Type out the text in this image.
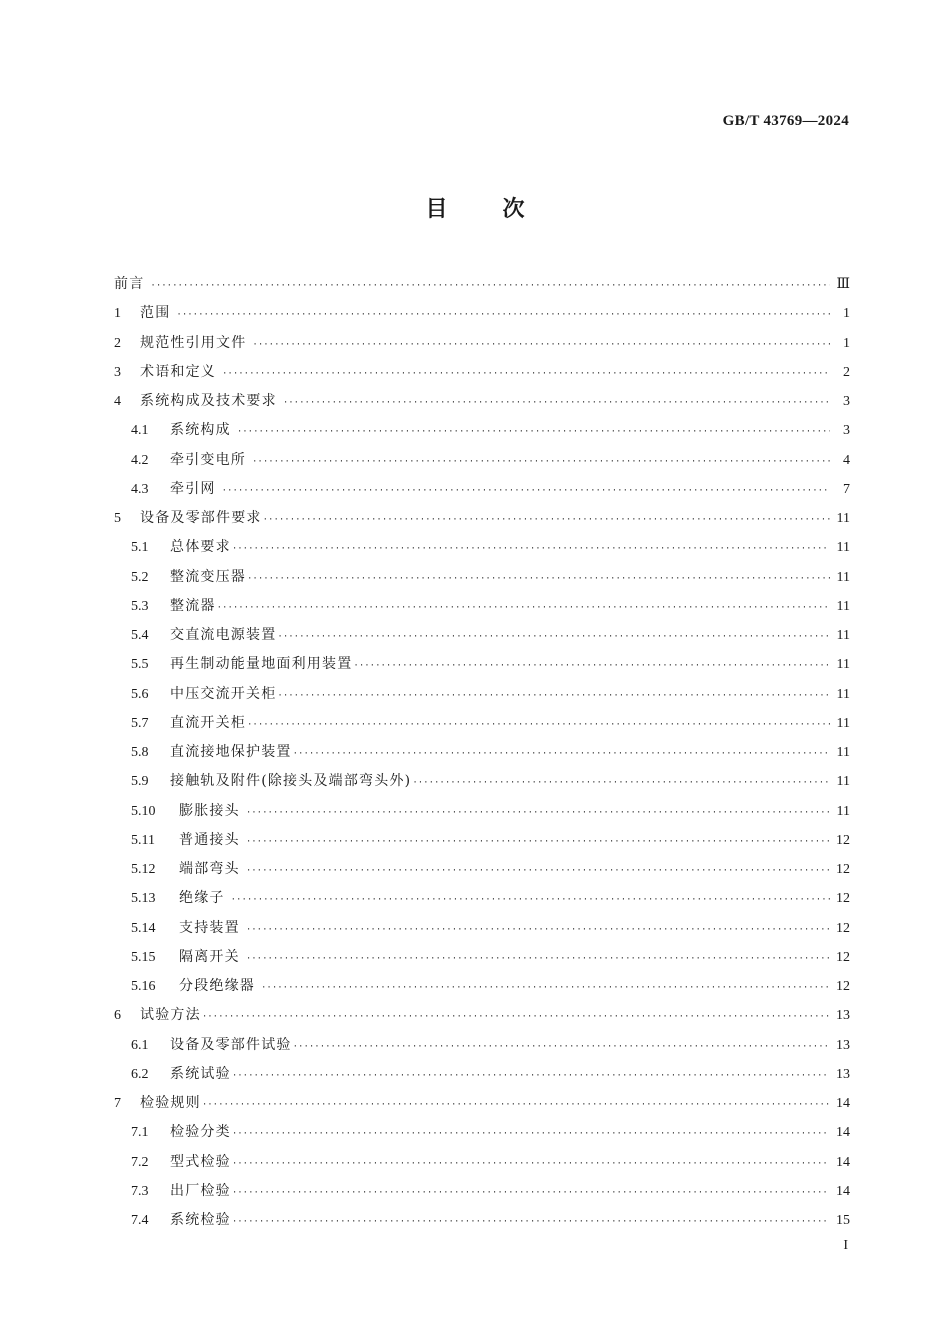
GB/T 43769—2024
目次
前言 ·····	Ⅲ
1	范围 ·····	1
2	规范性引用文件 ·····	1
3	术语和定义 ·····	2
4	系统构成及技术要求 ·····	3
4.1	系统构成 ·····	3
4.2	牵引变电所 ·····	4
4.3	牵引网 ·····	7
5	设备及零部件要求 ·····	11
5.1	总体要求 ·····	11
5.2	整流变压器 ·····	11
5.3	整流器 ·····	11
5.4	交直流电源装置 ·····	11
5.5	再生制动能量地面利用装置 ·····	11
5.6	中压交流开关柜 ·····	11
5.7	直流开关柜 ·····	11
5.8	直流接地保护装置 ·····	11
5.9	接触轨及附件(除接头及端部弯头外) ·····	11
5.10	膨胀接头 ·····	11
5.11	普通接头 ·····	12
5.12	端部弯头 ·····	12
5.13	绝缘子 ·····	12
5.14	支持装置 ·····	12
5.15	隔离开关 ·····	12
5.16	分段绝缘器 ·····	12
6	试验方法 ·····	13
6.1	设备及零部件试验 ·····	13
6.2	系统试验 ·····	13
7	检验规则 ·····	14
7.1	检验分类 ·····	14
7.2	型式检验 ·····	14
7.3	出厂检验 ·····	14
7.4	系统检验 ·····	15
I
